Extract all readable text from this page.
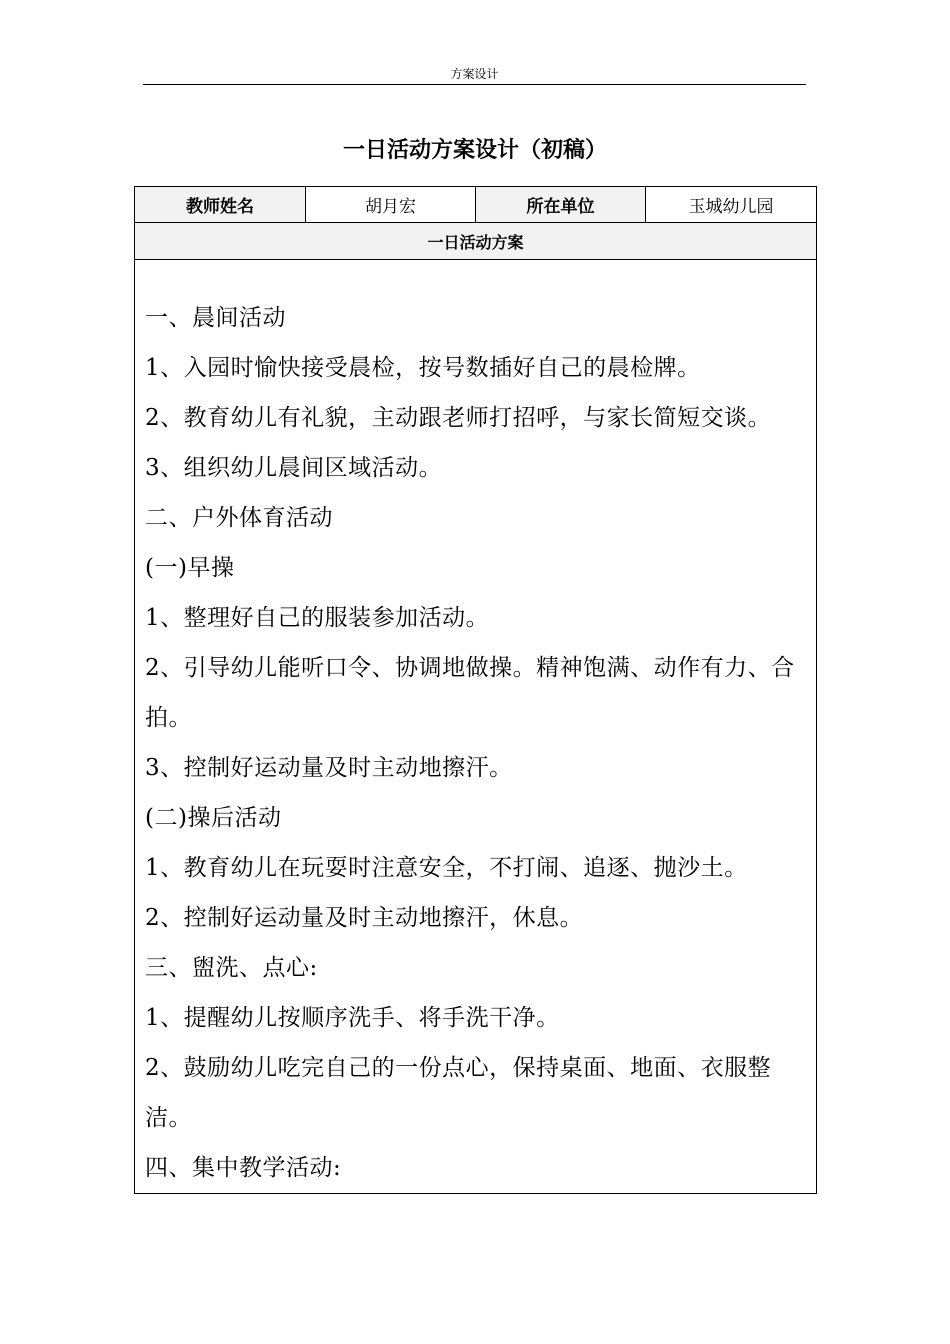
方案设计
一日活动方案设计（初稿）
教师姓名	胡月宏	所在单位	玉城幼儿园
一日活动方案

一、晨间活动
1、入园时愉快接受晨检，按号数插好自己的晨检牌。
2、教育幼儿有礼貌，主动跟老师打招呼，与家长简短交谈。
3、组织幼儿晨间区域活动。
二、户外体育活动
(一)早操
1、整理好自己的服装参加活动。
2、引导幼儿能听口令、协调地做操。精神饱满、动作有力、合
拍。
3、控制好运动量及时主动地擦汗。
(二)操后活动
1、教育幼儿在玩耍时注意安全，不打闹、追逐、抛沙土。
2、控制好运动量及时主动地擦汗，休息。
三、盥洗、点心:
1、提醒幼儿按顺序洗手、将手洗干净。
2、鼓励幼儿吃完自己的一份点心，保持桌面、地面、衣服整
洁。
四、集中教学活动:
